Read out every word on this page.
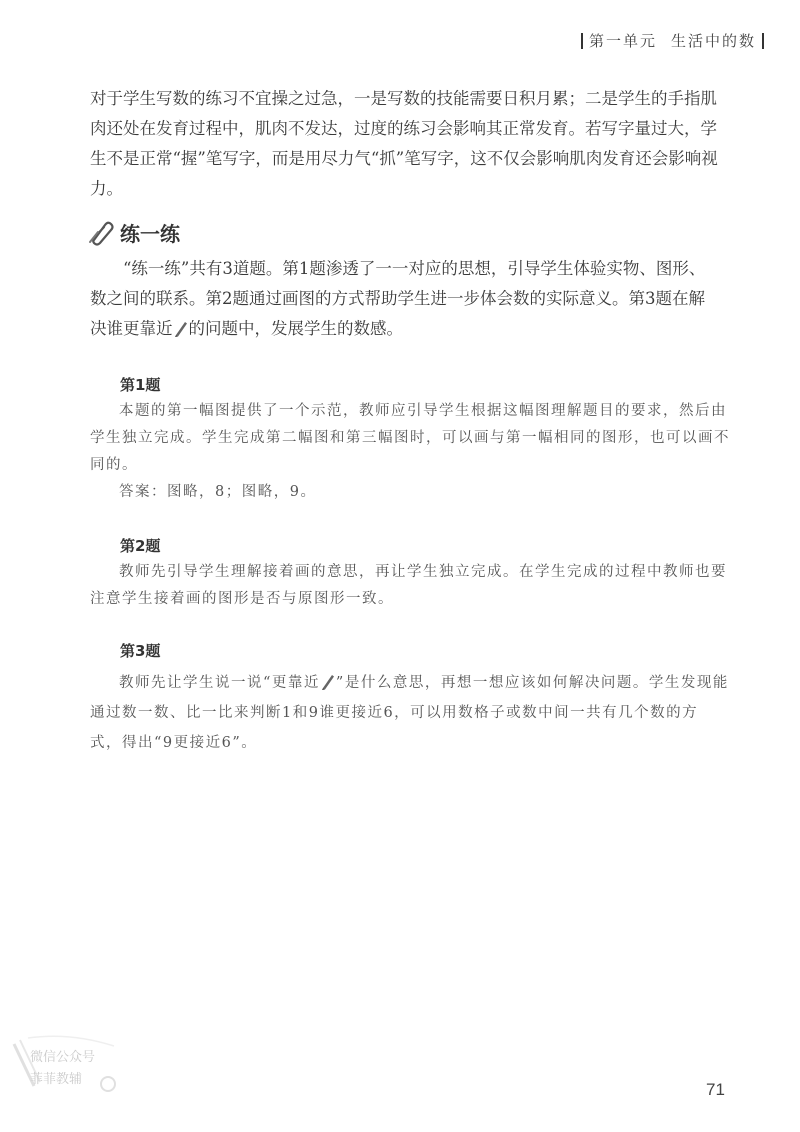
第一单元 生活中的数

对于学生写数的练习不宜操之过急，一是写数的技能需要日积月累；二是学生的手指肌肉还处在发育过程中，肌肉不发达，过度的练习会影响其正常发育。若写字量过大，学生不是正常“握”笔写字，而是用尽力气“抓”笔写字，这不仅会影响肌肉发育还会影响视力。

练一练

“练一练”共有3道题。第1题渗透了一一对应的思想，引导学生体验实物、图形、数之间的联系。第2题通过画图的方式帮助学生进一步体会数的实际意义。第3题在解决谁更靠近 的问题中，发展学生的数感。

第1题

本题的第一幅图提供了一个示范，教师应引导学生根据这幅图理解题目的要求，然后由学生独立完成。学生完成第二幅图和第三幅图时，可以画与第一幅相同的图形，也可以画不同的。

答案：图略，8；图略，9。

第2题

教师先引导学生理解接着画的意思，再让学生独立完成。在学生完成的过程中教师也要注意学生接着画的图形是否与原图形一致。

第3题

教师先让学生说一说“更靠近 ”是什么意思，再想一想应该如何解决问题。学生发现能通过数一数、比一比来判断1和9谁更接近6，可以用数格子或数中间一共有几个数的方式，得出“9更接近6”。

微信公众号
菲菲教辅
71
